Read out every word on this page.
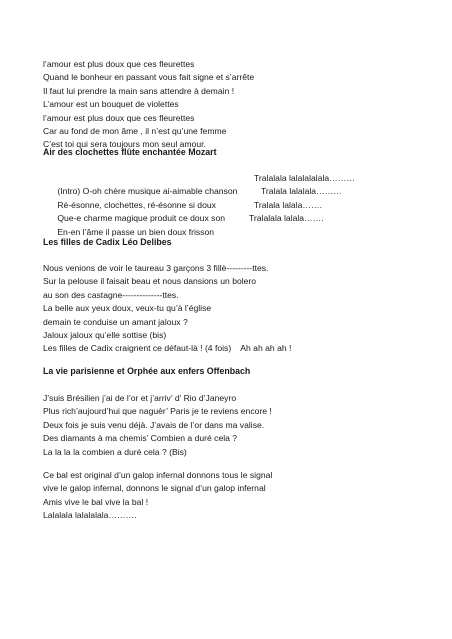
l’amour est plus doux que ces fleurettes
Quand le bonheur en passant vous fait signe et s’arrête
Il faut lui prendre la main sans attendre à demain !
L’amour est un bouquet de violettes
l’amour est plus doux que ces fleurettes
Car au fond de mon âme , il n’est qu’une femme
C’est toi qui sera toujours mon seul amour.
Air des clochettes flûte enchantée Mozart

(Intro) O-oh chère musique ai-aimable chanson

Tralalala lalalalalala………

Ré-ésonne, clochettes, ré-ésonne si doux

Tralala lalalala………

Que-e charme magique produit ce doux son

Tralala lalala…….

En-en l’âme il passe un bien doux frisson

Tralalala lalala…….

Les filles de Cadix Léo Delibes
Nous venions de voir le taureau 3 garçons 3 fillè---------ttes.
Sur la pelouse il faisait beau et nous dansions un bolero
au son des castagne--------------ttes.
La belle aux yeux doux, veux-tu qu’à l’église
demain te conduise un amant jaloux ?
Jaloux jaloux qu’elle sottise (bis)
Les filles de Cadix craignent ce défaut-là ! (4 fois)    Ah ah ah ah !
La vie parisienne et Orphée aux enfers Offenbach
J’suis Brésilien j’ai de l’or et j’arriv’ d’ Rio d’Janeyro
Plus rich’aujourd’hui que naguèr’ Paris je te reviens encore !
Deux fois je suis venu déjà. J’avais de l’or dans ma valise.
Des diamants à ma chemis’ Combien a duré cela ?
La la la la combien a duré cela ? (Bis)
Ce bal est original d’un galop infernal donnons tous le signal
vive le galop infernal, donnons le signal d’un galop infernal
Amis vive le bal vive la bal !
Lalalala lalalalala……….
